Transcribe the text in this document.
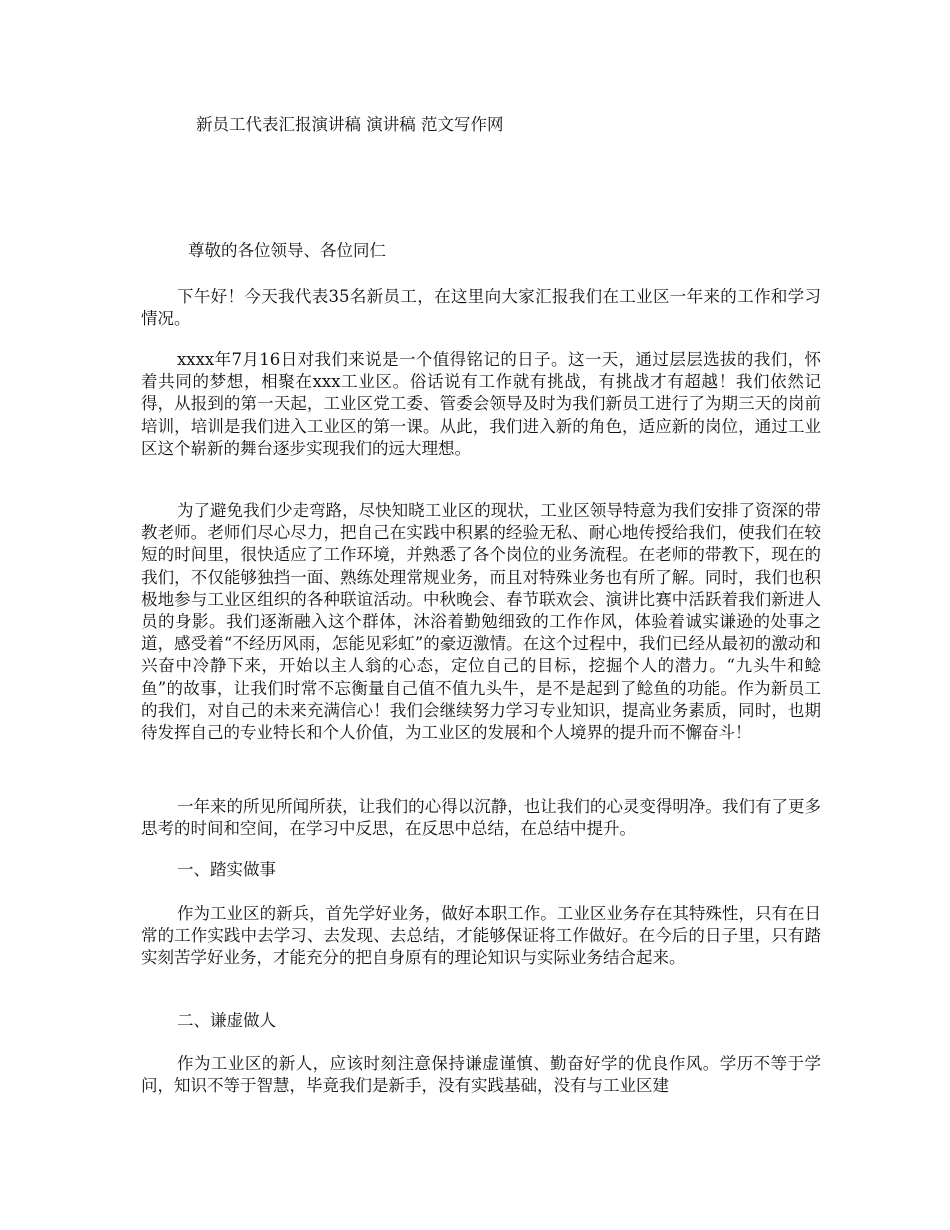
新员工代表汇报演讲稿 演讲稿 范文写作网
尊敬的各位领导、各位同仁

下午好！今天我代表35名新员工，在这里向大家汇报我们在工业区一年来的工作和学习情况。

xxxx年7月16日对我们来说是一个值得铭记的日子。这一天，通过层层选拔的我们，怀着共同的梦想，相聚在xxx工业区。俗话说有工作就有挑战，有挑战才有超越！我们依然记得，从报到的第一天起，工业区党工委、管委会领导及时为我们新员工进行了为期三天的岗前培训，培训是我们进入工业区的第一课。从此，我们进入新的角色，适应新的岗位，通过工业区这个崭新的舞台逐步实现我们的远大理想。

为了避免我们少走弯路，尽快知晓工业区的现状，工业区领导特意为我们安排了资深的带教老师。老师们尽心尽力，把自己在实践中积累的经验无私、耐心地传授给我们，使我们在较短的时间里，很快适应了工作环境，并熟悉了各个岗位的业务流程。在老师的带教下，现在的我们，不仅能够独挡一面、熟练处理常规业务，而且对特殊业务也有所了解。同时，我们也积极地参与工业区组织的各种联谊活动。中秋晚会、春节联欢会、演讲比赛中活跃着我们新进人员的身影。我们逐渐融入这个群体，沐浴着勤勉细致的工作作风，体验着诚实谦逊的处事之道，感受着“不经历风雨，怎能见彩虹”的豪迈激情。在这个过程中，我们已经从最初的激动和兴奋中冷静下来，开始以主人翁的心态，定位自己的目标，挖掘个人的潜力。“九头牛和鲶鱼”的故事，让我们时常不忘衡量自己值不值九头牛，是不是起到了鲶鱼的功能。作为新员工的我们，对自己的未来充满信心！我们会继续努力学习专业知识，提高业务素质，同时，也期待发挥自己的专业特长和个人价值，为工业区的发展和个人境界的提升而不懈奋斗！

一年来的所见所闻所获，让我们的心得以沉静，也让我们的心灵变得明净。我们有了更多思考的时间和空间，在学习中反思，在反思中总结，在总结中提升。

一、踏实做事

作为工业区的新兵，首先学好业务，做好本职工作。工业区业务存在其特殊性，只有在日常的工作实践中去学习、去发现、去总结，才能够保证将工作做好。在今后的日子里，只有踏实刻苦学好业务，才能充分的把自身原有的理论知识与实际业务结合起来。

二、谦虚做人

作为工业区的新人，应该时刻注意保持谦虚谨慎、勤奋好学的优良作风。学历不等于学问，知识不等于智慧，毕竟我们是新手，没有实践基础，没有与工业区建
